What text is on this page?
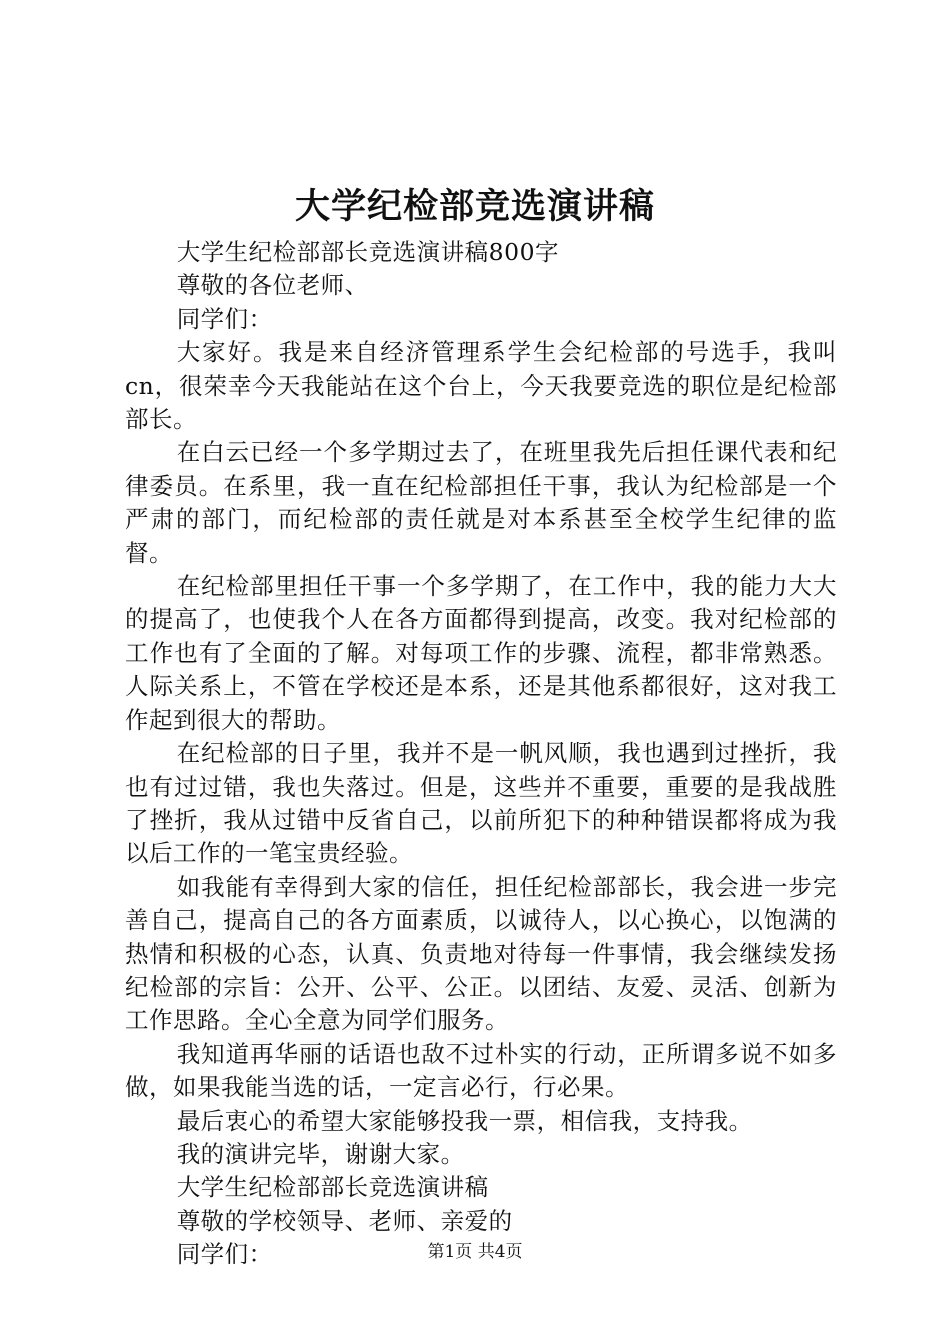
大学纪检部竞选演讲稿

大学生纪检部部长竞选演讲稿800字

尊敬的各位老师、

同学们：

大家好。我是来自经济管理系学生会纪检部的号选手，我叫cn，很荣幸今天我能站在这个台上，今天我要竞选的职位是纪检部部长。

在白云已经一个多学期过去了，在班里我先后担任课代表和纪律委员。在系里，我一直在纪检部担任干事，我认为纪检部是一个严肃的部门，而纪检部的责任就是对本系甚至全校学生纪律的监督。

在纪检部里担任干事一个多学期了，在工作中，我的能力大大的提高了，也使我个人在各方面都得到提高，改变。我对纪检部的工作也有了全面的了解。对每项工作的步骤、流程，都非常熟悉。人际关系上，不管在学校还是本系，还是其他系都很好，这对我工作起到很大的帮助。

在纪检部的日子里，我并不是一帆风顺，我也遇到过挫折，我也有过过错，我也失落过。但是，这些并不重要，重要的是我战胜了挫折，我从过错中反省自己，以前所犯下的种种错误都将成为我以后工作的一笔宝贵经验。

如我能有幸得到大家的信任，担任纪检部部长，我会进一步完善自己，提高自己的各方面素质，以诚待人，以心换心，以饱满的热情和积极的心态，认真、负责地对待每一件事情，我会继续发扬纪检部的宗旨：公开、公平、公正。以团结、友爱、灵活、创新为工作思路。全心全意为同学们服务。

我知道再华丽的话语也敌不过朴实的行动，正所谓多说不如多做，如果我能当选的话，一定言必行，行必果。

最后衷心的希望大家能够投我一票，相信我，支持我。

我的演讲完毕，谢谢大家。

大学生纪检部部长竞选演讲稿

尊敬的学校领导、老师、亲爱的

同学们：	第1页 共4页
